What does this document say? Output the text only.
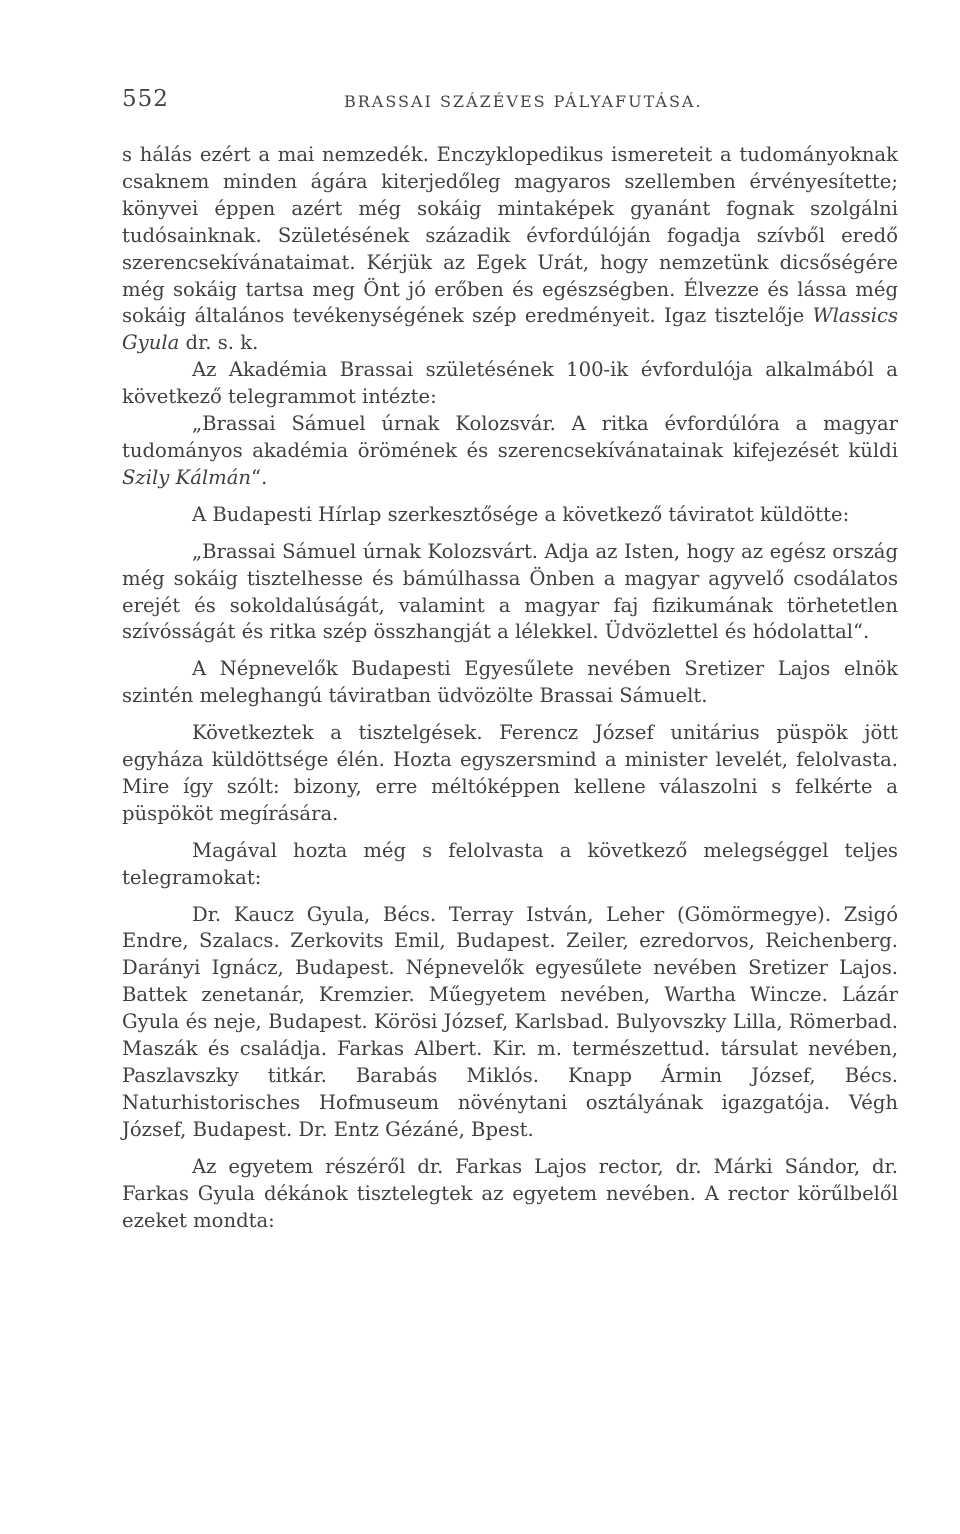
552	BRASSAI SZÁZÉVES PÁLYAFUTÁSA.

s hálás ezért a mai nemzedék. Enczyklopedikus ismereteit a tudományoknak csaknem minden ágára kiterjedőleg magyaros szellemben érvényesítette; könyvei éppen azért még sokáig mintaképek gyanánt fognak szolgálni tudósainknak. Születésének századik évfordúlóján fogadja szívből eredő szerencsekívánataimat. Kérjük az Egek Urát, hogy nemzetünk dicsőségére még sokáig tartsa meg Önt jó erőben és egészségben. Élvezze és lássa még sokáig általános tevékenységének szép eredményeit. Igaz tisztelője Wlassics Gyula dr. s. k.

Az Akadémia Brassai születésének 100-ik évfordulója alkalmából a következő telegrammot intézte:

„Brassai Sámuel úrnak Kolozsvár. A ritka évfordúlóra a magyar tudományos akadémia örömének és szerencsekívánatainak kifejezését küldi Szily Kálmán“.

A Budapesti Hírlap szerkesztősége a következő táviratot küldötte:

„Brassai Sámuel úrnak Kolozsvárt. Adja az Isten, hogy az egész ország még sokáig tisztelhesse és bámúlhassa Önben a magyar agyvelő csodálatos erejét és sokoldalúságát, valamint a magyar faj fizikumának törhetetlen szívósságát és ritka szép összhangját a lélekkel. Üdvözlettel és hódolattal“.

A Népnevelők Budapesti Egyesűlete nevében Sretizer Lajos elnök szintén meleghangú táviratban üdvözölte Brassai Sámuelt.

Következtek a tisztelgések. Ferencz József unitárius püspök jött egyháza küldöttsége élén. Hozta egyszersmind a minister levelét, felolvasta. Mire így szólt: bizony, erre méltóképpen kellene válaszolni s felkérte a püspököt megírására.

Magával hozta még s felolvasta a következő melegséggel teljes telegramokat:

Dr. Kaucz Gyula, Bécs. Terray István, Leher (Gömörmegye). Zsigó Endre, Szalacs. Zerkovits Emil, Budapest. Zeiler, ezredorvos, Reichenberg. Darányi Ignácz, Budapest. Népnevelők egyesűlete nevében Sretizer Lajos. Battek zenetanár, Kremzier. Műegyetem nevében, Wartha Wincze. Lázár Gyula és neje, Budapest. Körösi József, Karlsbad. Bulyovszky Lilla, Römerbad. Maszák és családja. Farkas Albert. Kir. m. természettud. társulat nevében, Paszlavszky titkár. Barabás Miklós. Knapp Ármin József, Bécs. Naturhistorisches Hofmuseum növénytani osztályának igazgatója. Végh József, Budapest. Dr. Entz Gézáné, Bpest.

Az egyetem részéről dr. Farkas Lajos rector, dr. Márki Sándor, dr. Farkas Gyula dékánok tisztelegtek az egyetem nevében. A rector körűlbelől ezeket mondta:
